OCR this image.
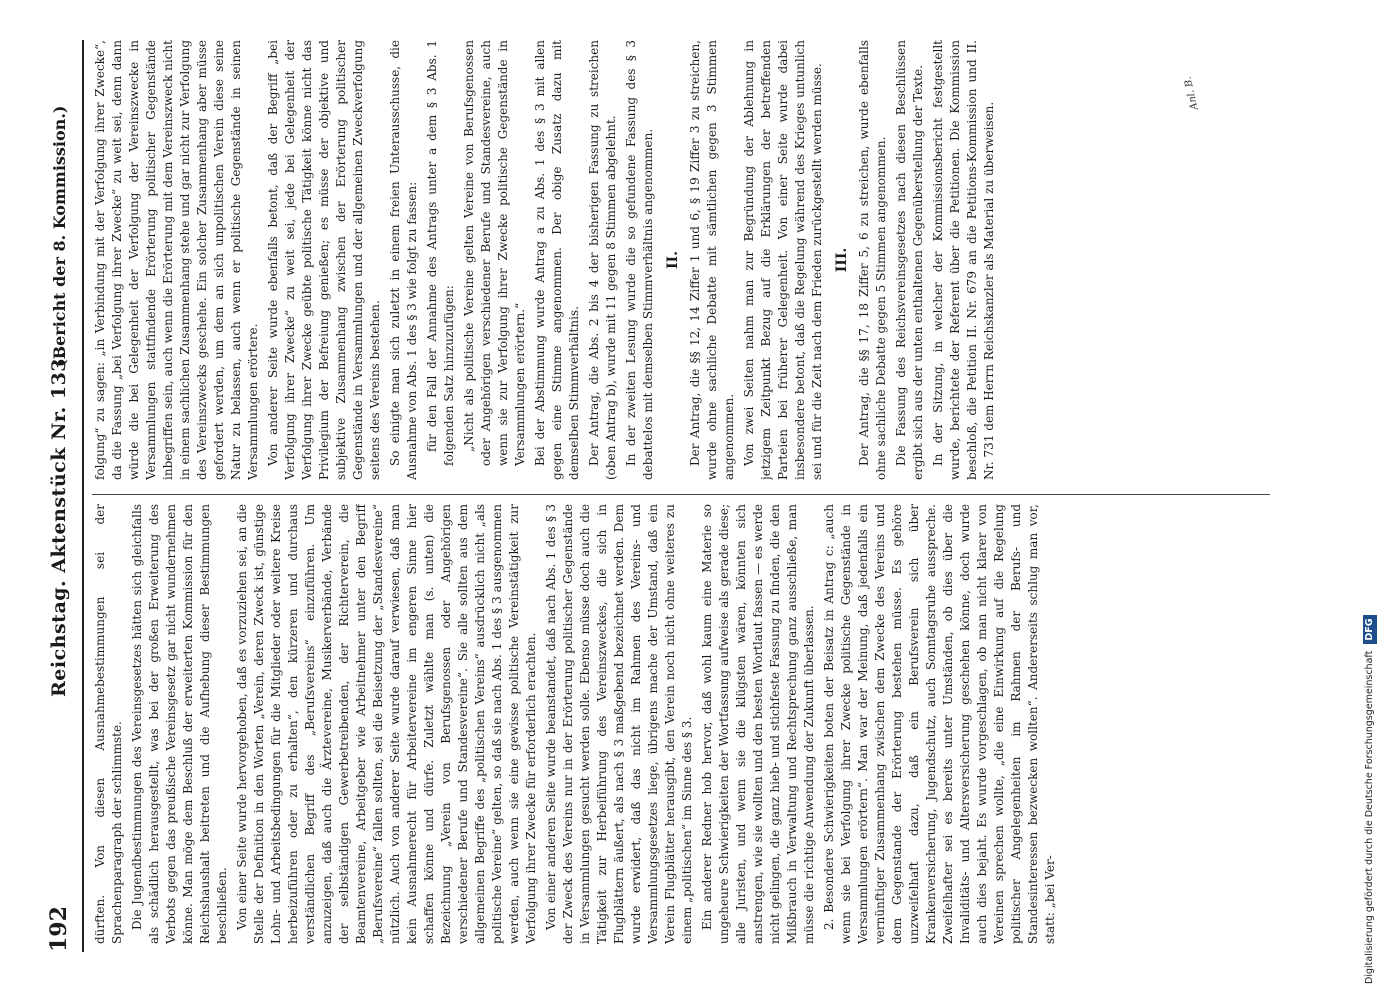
192
Reichstag. Aktenstück Nr. 133.
(Bericht der 8. Kommission.)

dürften. Von diesen Ausnahmebestimmungen sei der Sprachenparagraph der schlimmste. Die Jugendbestimmungen des Vereinsgesetzes hätten sich gleichfalls als schädlich herausgestellt, was bei der großen Erweiterung des Verbots gegen das preußische Vereinsgesetz gar nicht wundernehmen könne. Man möge dem Beschluß der erweiterten Kommission für den Reichshaushalt beitreten und die Aufhebung dieser Bestimmungen beschließen. Von einer Seite wurde hervorgehoben, daß es vorzuziehen sei, an die Stelle der Definition in den Worten „Verein, deren Zweck ist, günstige Lohn- und Arbeitsbedingungen für die Mitglieder oder weitere Kreise herbeizuführen oder zu erhalten“, den kürzeren und durchaus verständlichen Begriff des „Berufsvereins“ einzuführen. Um anzuzeigen, daß auch die Ärztevereine, Musikerverbände, Verbände der selbständigen Gewerbetreibenden, der Richterverein, die Beamtenvereine, Arbeitgeber wie Arbeitnehmer unter den Begriff „Berufsvereine“ fallen sollten, sei die Beisetzung der „Standesvereine“ nützlich. Auch von anderer Seite wurde darauf verwiesen, daß man kein Ausnahmerecht für Arbeitervereine im engeren Sinne hier schaffen könne und dürfe. Zuletzt wählte man (s. unten) die Bezeichnung „Verein von Berufsgenossen oder Angehörigen verschiedener Berufe und Standesvereine“. Sie alle sollten aus dem allgemeinen Begriffe des „politischen Vereins“ ausdrücklich nicht „als politische Vereine“ gelten, so daß sie nach Abs. 1 des § 3 ausgenommen werden, auch wenn sie eine gewisse politische Vereinstätigkeit zur Verfolgung ihrer Zwecke für erforderlich erachten. Von einer anderen Seite wurde beanstandet, daß nach Abs. 1 des § 3 der Zweck des Vereins nur in der Erörterung politischer Gegenstände in Versammlungen gesucht werden solle. Ebenso müsse doch auch die Tätigkeit zur Herbeiführung des Vereinszweckes, die sich in Flugblättern äußert, als nach § 3 maßgebend bezeichnet werden. Dem wurde erwidert, daß das nicht im Rahmen des Vereins- und Versammlungsgesetzes liege, übrigens mache der Umstand, daß ein Verein Flugblätter herausgibt, den Verein noch nicht ohne weiteres zu einem „politischen“ im Sinne des § 3. Ein anderer Redner hob hervor, daß wohl kaum eine Materie so ungeheure Schwierigkeiten der Wortfassung aufweise als gerade diese; alle Juristen, und wenn sie die klügsten wären, könnten sich anstrengen, wie sie wollten und den besten Wortlaut fassen — es werde nicht gelingen, die ganz hieb- und stichfeste Fassung zu finden, die den Mißbrauch in Verwaltung und Rechtsprechung ganz ausschließe, man müsse die richtige Anwendung der Zukunft überlassen. 2. Besondere Schwierigkeiten boten der Beisatz in Antrag c: „auch wenn sie bei Verfolgung ihrer Zwecke politische Gegenstände in Versammlungen erörtern“. Man war der Meinung, daß jedenfalls ein vernünftiger Zusammenhang zwischen dem Zwecke des Vereins und dem Gegenstande der Erörterung bestehen müsse. Es gehöre unzweifelhaft dazu, daß ein Berufsverein sich über Krankenversicherung, Jugendschutz, auch Sonntagsruhe ausspreche. Zweifelhafter sei es bereits unter Umständen, ob dies über die Invaliditäts- und Altersversicherung geschehen könne, doch wurde auch dies bejaht. Es wurde vorgeschlagen, ob man nicht klarer von Vereinen sprechen wollte, „die eine Einwirkung auf die Regelung politischer Angelegenheiten im Rahmen der Berufs- und Standesinteressen bezwecken wollten“. Andererseits schlug man vor, statt: „bei Ver-

folgung“ zu sagen: „in Verbindung mit der Verfolgung ihrer Zwecke“, da die Fassung „bei Verfolgung ihrer Zwecke“ zu weit sei, denn dann würde die bei Gelegenheit der Verfolgung der Vereinszwecke in Versammlungen stattfindende Erörterung politischer Gegenstände inbegriffen sein, auch wenn die Erörterung mit dem Vereinszweck nicht in einem sachlichen Zusammenhang stehe und gar nicht zur Verfolgung des Vereinszwecks geschehe. Ein solcher Zusammenhang aber müsse gefordert werden, um dem an sich unpolitischen Verein diese seine Natur zu belassen, auch wenn er politische Gegenstände in seinen Versammlungen erörtere. Von anderer Seite wurde ebenfalls betont, daß der Begriff „bei Verfolgung ihrer Zwecke“ zu weit sei, jede bei Gelegenheit der Verfolgung ihrer Zwecke geübte politische Tätigkeit könne nicht das Privilegium der Befreiung genießen; es müsse der objektive und subjektive Zusammenhang zwischen der Erörterung politischer Gegenstände in Versammlungen und der allgemeinen Zweckverfolgung seitens des Vereins bestehen. So einigte man sich zuletzt in einem freien Unterausschusse, die Ausnahme von Abs. 1 des § 3 wie folgt zu fassen: für den Fall der Annahme des Antrags unter a dem § 3 Abs. 1 folgenden Satz hinzuzufügen: „Nicht als politische Vereine gelten Vereine von Berufsgenossen oder Angehörigen verschiedener Berufe und Standesvereine, auch wenn sie zur Verfolgung ihrer Zwecke politische Gegenstände in Versammlungen erörtern.“ Bei der Abstimmung wurde Antrag a zu Abs. 1 des § 3 mit allen gegen eine Stimme angenommen. Der obige Zusatz dazu mit demselben Stimmverhältnis. Der Antrag, die Abs. 2 bis 4 der bisherigen Fassung zu streichen (oben Antrag b), wurde mit 11 gegen 8 Stimmen abgelehnt. In der zweiten Lesung wurde die so gefundene Fassung des § 3 debattelos mit demselben Stimmverhältnis angenommen. II. Der Antrag, die §§ 12, 14 Ziffer 1 und 6, § 19 Ziffer 3 zu streichen, wurde ohne sachliche Debatte mit sämtlichen gegen 3 Stimmen angenommen. Von zwei Seiten nahm man zur Begründung der Ablehnung in jetzigem Zeitpunkt Bezug auf die Erklärungen der betreffenden Parteien bei früherer Gelegenheit. Von einer Seite wurde dabei insbesondere betont, daß die Regelung während des Krieges untunlich sei und für die Zeit nach dem Frieden zurückgestellt werden müsse. III. Der Antrag, die §§ 17, 18 Ziffer 5, 6 zu streichen, wurde ebenfalls ohne sachliche Debatte gegen 5 Stimmen angenommen. Die Fassung des Reichsvereinsgesetzes nach diesen Beschlüssen ergibt sich aus der unten enthaltenen Gegenüberstellung der Texte. In der Sitzung, in welcher der Kommissionsbericht festgestellt wurde, berichtete der Referent über die Petitionen. Die Kommission beschloß, die Petition II. Nr. 679 an die Petitions-Kommission und II. Nr. 731 dem Herrn Reichskanzler als Material zu überweisen.

Anl. B.
Digitalisierung gefördert durch die Deutsche Forschungsgemeinschaft DFG
